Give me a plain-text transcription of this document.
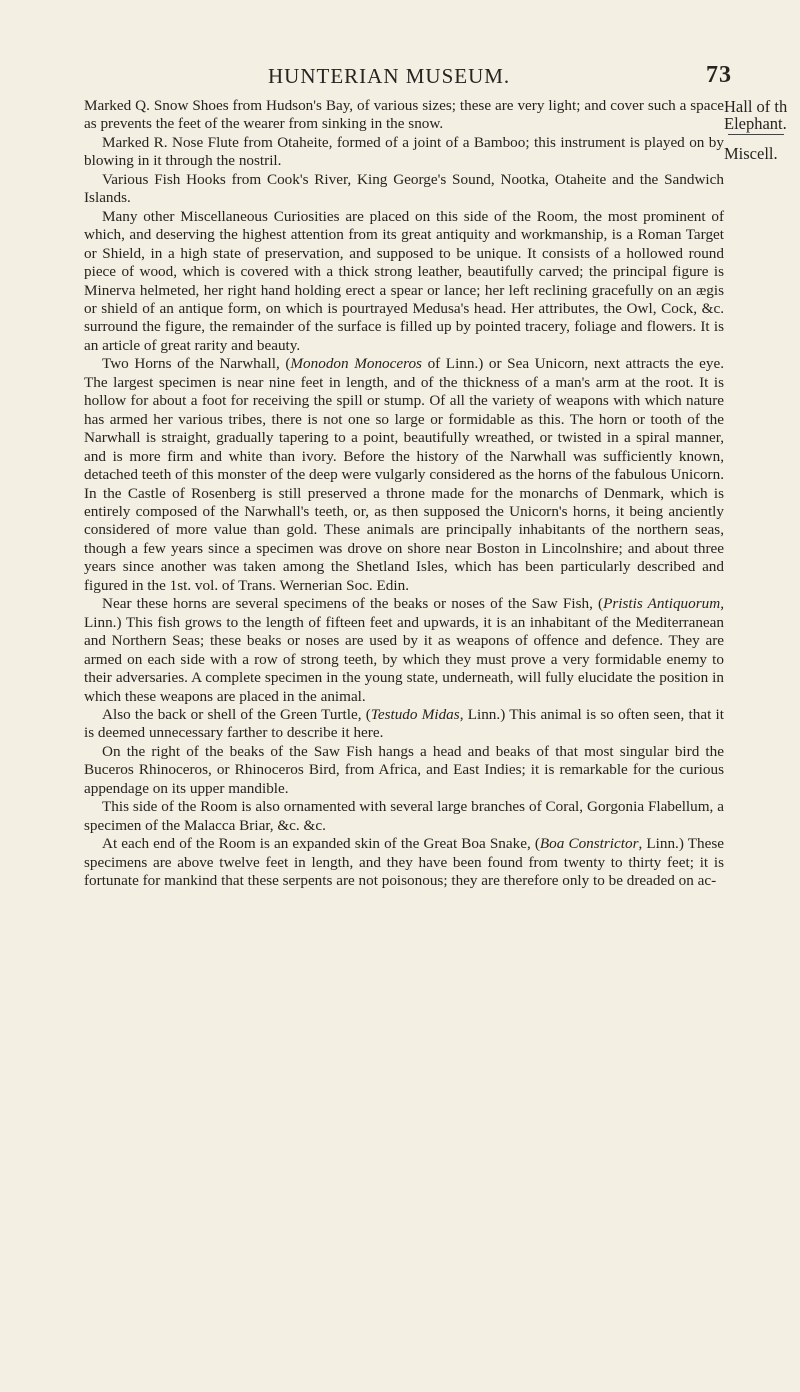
HUNTERIAN MUSEUM.	73
Hall of th Elephant.
Miscell.

Marked Q. Snow Shoes from Hudson's Bay, of various sizes; these are very light; and cover such a space as prevents the feet of the wearer from sinking in the snow.

Marked R. Nose Flute from Otaheite, formed of a joint of a Bamboo; this instrument is played on by blowing in it through the nostril.

Various Fish Hooks from Cook's River, King George's Sound, Nootka, Otaheite and the Sandwich Islands.

Many other Miscellaneous Curiosities are placed on this side of the Room, the most prominent of which, and deserving the highest attention from its great antiquity and workmanship, is a Roman Target or Shield, in a high state of preservation, and supposed to be unique. It consists of a hollowed round piece of wood, which is covered with a thick strong leather, beautifully carved; the principal figure is Minerva helmeted, her right hand holding erect a spear or lance; her left reclining gracefully on an ægis or shield of an antique form, on which is pourtrayed Medusa's head. Her attributes, the Owl, Cock, &c. surround the figure, the remainder of the surface is filled up by pointed tracery, foliage and flowers. It is an article of great rarity and beauty.

Two Horns of the Narwhall, (Monodon Monoceros of Linn.) or Sea Unicorn, next attracts the eye. The largest specimen is near nine feet in length, and of the thickness of a man's arm at the root. It is hollow for about a foot for receiving the spill or stump. Of all the variety of weapons with which nature has armed her various tribes, there is not one so large or formidable as this. The horn or tooth of the Narwhall is straight, gradually tapering to a point, beautifully wreathed, or twisted in a spiral manner, and is more firm and white than ivory. Before the history of the Narwhall was sufficiently known, detached teeth of this monster of the deep were vulgarly considered as the horns of the fabulous Unicorn. In the Castle of Rosenberg is still preserved a throne made for the monarchs of Denmark, which is entirely composed of the Narwhall's teeth, or, as then supposed the Unicorn's horns, it being anciently considered of more value than gold. These animals are principally inhabitants of the northern seas, though a few years since a specimen was drove on shore near Boston in Lincolnshire; and about three years since another was taken among the Shetland Isles, which has been particularly described and figured in the 1st. vol. of Trans. Wernerian Soc. Edin.

Near these horns are several specimens of the beaks or noses of the Saw Fish, (Pristis Antiquorum, Linn.) This fish grows to the length of fifteen feet and upwards, it is an inhabitant of the Mediterranean and Northern Seas; these beaks or noses are used by it as weapons of offence and defence. They are armed on each side with a row of strong teeth, by which they must prove a very formidable enemy to their adversaries. A complete specimen in the young state, underneath, will fully elucidate the position in which these weapons are placed in the animal.

Also the back or shell of the Green Turtle, (Testudo Midas, Linn.) This animal is so often seen, that it is deemed unnecessary farther to describe it here.

On the right of the beaks of the Saw Fish hangs a head and beaks of that most singular bird the Buceros Rhinoceros, or Rhinoceros Bird, from Africa, and East Indies; it is remarkable for the curious appendage on its upper mandible.

This side of the Room is also ornamented with several large branches of Coral, Gorgonia Flabellum, a specimen of the Malacca Briar, &c. &c.

At each end of the Room is an expanded skin of the Great Boa Snake, (Boa Constrictor, Linn.) These specimens are above twelve feet in length, and they have been found from twenty to thirty feet; it is fortunate for mankind that these serpents are not poisonous; they are therefore only to be dreaded on ac-
